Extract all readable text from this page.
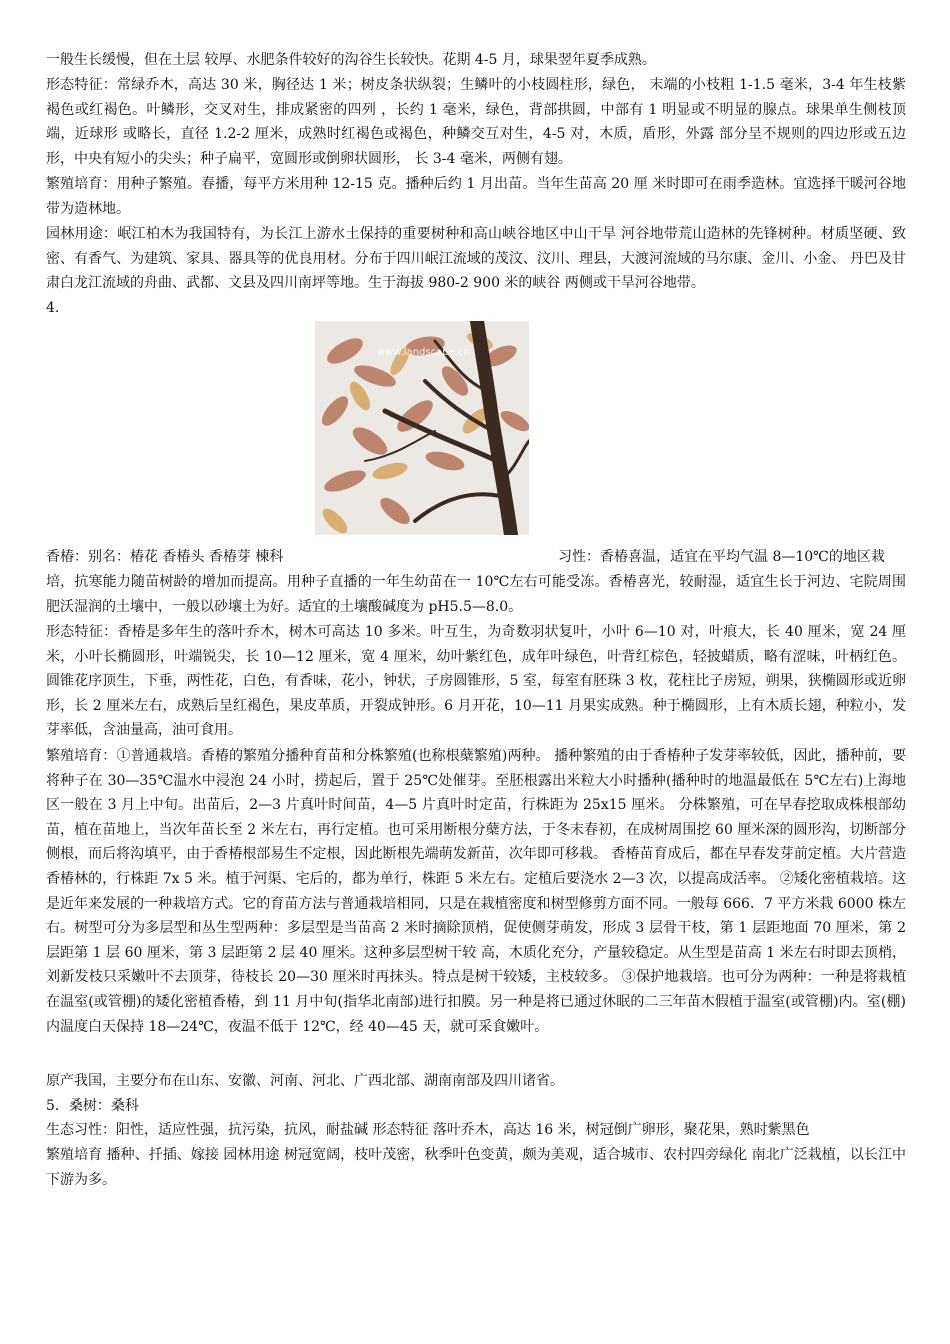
一般生长缓慢，但在土层 较厚、水肥条件较好的沟谷生长较快。花期 4-5 月，球果翌年夏季成熟。

形态特征：常绿乔木，高达 30 米，胸径达 1 米；树皮条状纵裂；生鳞叶的小枝圆柱形，绿色， 末端的小枝粗 1-1.5 毫米，3-4 年生枝紫褐色或红褐色。叶鳞形，交叉对生，排成紧密的四列 ，长约 1 毫米，绿色，背部拱圆，中部有 1 明显或不明显的腺点。球果单生侧枝顶端，近球形 或略长，直径 1.2-2 厘米，成熟时红褐色或褐色，种鳞交互对生，4-5 对，木质，盾形，外露 部分呈不规则的四边形或五边形，中央有短小的尖头；种子扁平，宽圆形或倒卵状圆形， 长 3-4 毫米，两侧有翅。

繁殖培育：用种子繁殖。春播，每平方米用种 12-15 克。播种后约 1 月出苗。当年生苗高 20 厘 米时即可在雨季造林。宜选择干暖河谷地带为造林地。

园林用途：岷江柏木为我国特有，为长江上游水土保持的重要树种和高山峡谷地区中山干旱 河谷地带荒山造林的先锋树种。材质坚硬、致密、有香气、为建筑、家具、器具等的优良用材。分布于四川岷江流域的茂汶、汶川、理县，大渡河流域的马尔康、金川、小金、 丹巴及甘肃白龙江流域的舟曲、武都、文县及四川南坪等地。生于海拔 980-2 900 米的峡谷 两侧或干旱河谷地带。

4.

www.landscape.cn
香椿：别名：椿花 香椿头 香椿芽 楝科	习性：香椿喜温，适宜在平均气温 8—10℃的地区栽

培，抗寒能力随苗树龄的增加而提高。用种子直播的一年生幼苗在一 10℃左右可能受冻。香椿喜光，较耐湿，适宜生长于河边、宅院周围肥沃湿润的土壤中，一般以砂壤土为好。适宜的土壤酸碱度为 pH5.5—8.0。

形态特征：香椿是多年生的落叶乔木，树木可高达 10 多米。叶互生，为奇数羽状复叶，小叶 6—10 对，叶痕大，长 40 厘米，宽 24 厘米，小叶长椭圆形，叶端锐尖，长 10—12 厘米，宽 4 厘米，幼叶紫红色，成年叶绿色，叶背红棕色，轻披蜡质，略有涩味，叶柄红色。圆锥花序顶生，下垂，两性花，白色，有香味，花小，钟状，子房圆锥形，5 室，每室有胚珠 3 枚，花柱比子房短，朔果，狭椭圆形或近卵形，长 2 厘米左右，成熟后呈红褐色，果皮革质，开裂成钟形。6 月开花，10—11 月果实成熟。种于椭圆形，上有木质长翅，种粒小，发芽率低，含油量高，油可食用。

繁殖培育：①普通栽培。香椿的繁殖分播种育苗和分株繁殖(也称根蘖繁殖)两种。 播种繁殖的由于香椿种子发芽率较低，因此，播种前，要将种子在 30—35℃温水中浸泡 24 小时，捞起后，置于 25℃处催芽。至胚根露出米粒大小时播种(播种时的地温最低在 5℃左右)上海地区一般在 3 月上中旬。出苗后，2—3 片真叶时间苗，4—5 片真叶时定苗，行株距为 25x15 厘米。 分株繁殖，可在早春挖取成株根部幼苗，植在苗地上，当次年苗长至 2 米左右，再行定植。也可采用断根分蘖方法，于冬末春初，在成树周围挖 60 厘米深的圆形沟，切断部分侧根，而后将沟填平，由于香椿根部易生不定根，因此断根先端萌发新苗，次年即可移栽。 香椿苗育成后，都在早春发芽前定植。大片营造香椿林的，行株距 7x 5 米。植于河渠、宅后的，都为单行，株距 5 米左右。定植后要浇水 2—3 次，以提高成活率。 ②矮化密植栽培。这是近年来发展的一种栽培方式。它的育苗方法与普通栽培相同，只是在栽植密度和树型修剪方面不同。一般每 666．7 平方米栽 6000 株左右。树型可分为多层型和丛生型两种：多层型是当苗高 2 米时摘除顶梢，促使侧芽萌发，形成 3 层骨干枝，第 1 层距地面 70 厘米，第 2 层距第 1 层 60 厘米，第 3 层距第 2 层 40 厘米。这种多层型树干较 高，木质化充分，产量较稳定。从生型是苗高 1 米左右时即去顶梢，刘新发枝只采嫩叶不去顶芽，待枝长 20—30 厘米时再抹头。特点是树干较矮，主枝较多。 ③保护地栽培。也可分为两种：一种是将栽植在温室(或管棚)的矮化密植香椿，到 11 月中旬(指华北南部)进行扣膜。另一种是将已通过休眠的二三年苗木假植于温室(或管棚)内。室(棚)内温度白天保持 18—24℃，夜温不低于 12℃，经 40—45 天，就可采食嫩叶。

原产我国，主要分布在山东、安徽、河南、河北、广西北部、湖南南部及四川诸省。

5．桑树：桑科

生态习性：阳性，适应性强，抗污染，抗风，耐盐碱 形态特征 落叶乔木，高达 16 米，树冠倒广卵形，聚花果，熟时紫黑色

繁殖培育 播种、扦插、嫁接 园林用途 树冠宽阔，枝叶茂密，秋季叶色变黄，颇为美观，适合城市、农村四旁绿化 南北广泛栽植，以长江中下游为多。
